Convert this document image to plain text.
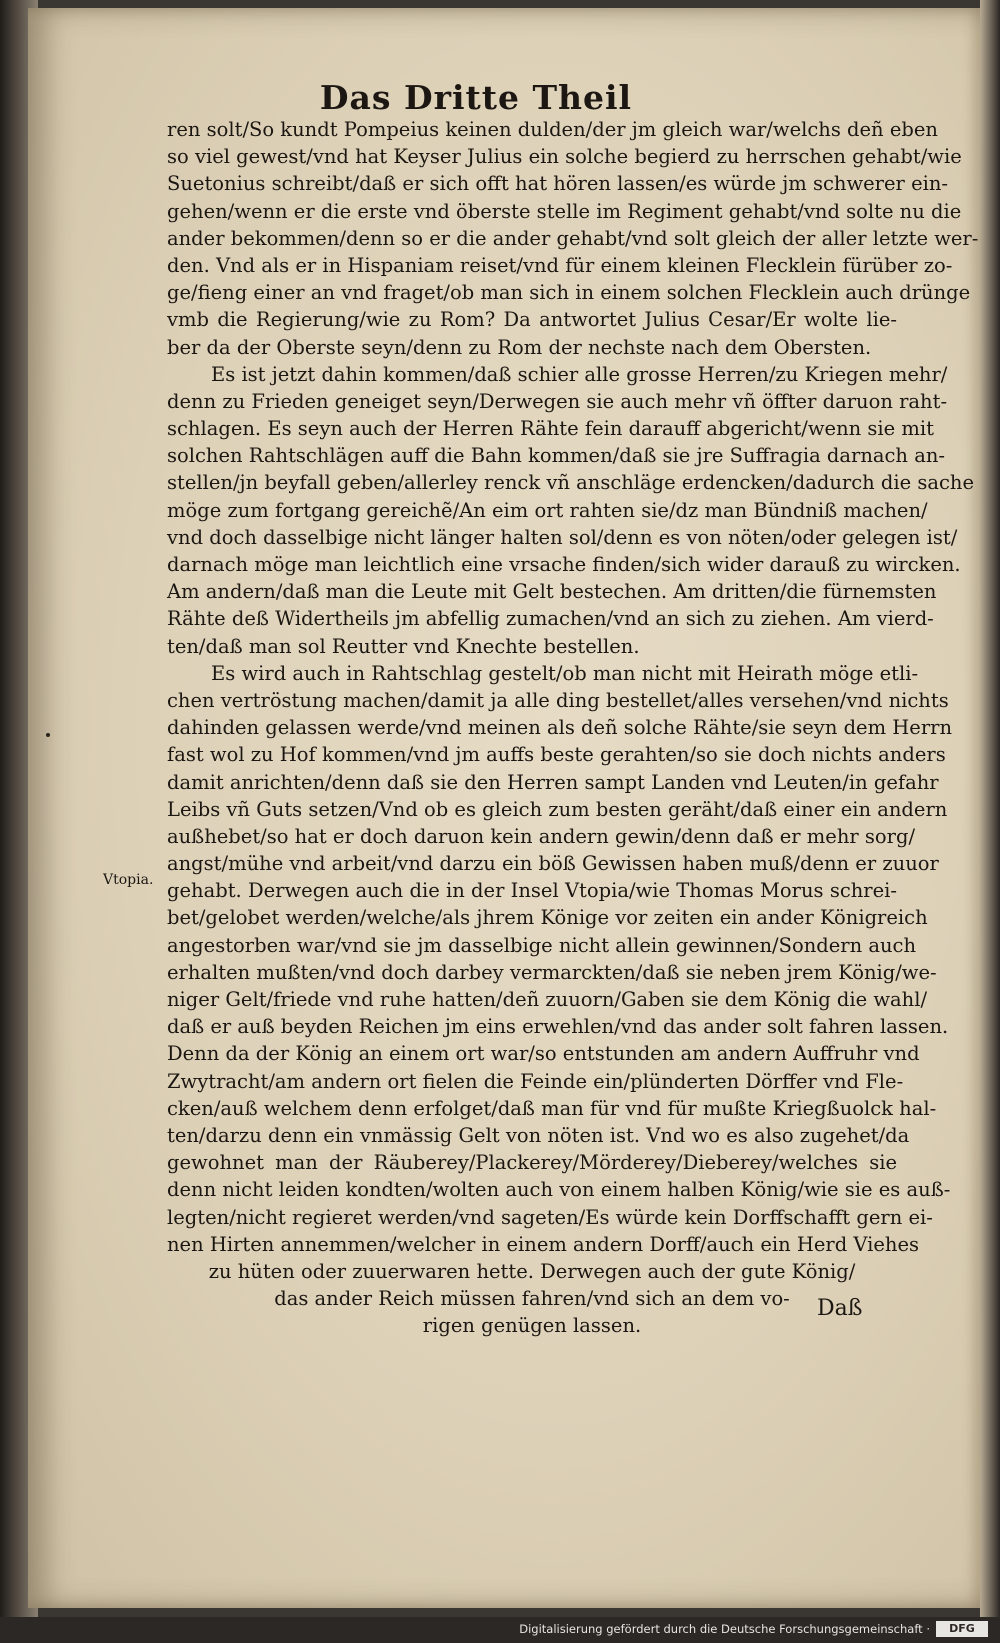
Das Dritte Theil
Vtopia.
ren solt/So kundt Pompeius keinen dulden/der jm gleich war/welchs deñ eben
so viel gewest/vnd hat Keyser Julius ein solche begierd zu herrschen gehabt/wie
Suetonius schreibt/daß er sich offt hat hören lassen/es würde jm schwerer ein-
gehen/wenn er die erste vnd öberste stelle im Regiment gehabt/vnd solte nu die
ander bekommen/denn so er die ander gehabt/vnd solt gleich der aller letzte wer-
den. Vnd als er in Hispaniam reiset/vnd für einem kleinen Flecklein fürüber zo-
ge/fieng einer an vnd fraget/ob man sich in einem solchen Flecklein auch drünge
vmb die Regierung/wie zu Rom? Da antwortet Julius Cesar/Er wolte lie-
ber da der Oberste seyn/denn zu Rom der nechste nach dem Obersten.
Es ist jetzt dahin kommen/daß schier alle grosse Herren/zu Kriegen mehr/
denn zu Frieden geneiget seyn/Derwegen sie auch mehr vñ öffter daruon raht-
schlagen. Es seyn auch der Herren Rähte fein darauff abgericht/wenn sie mit
solchen Rahtschlägen auff die Bahn kommen/daß sie jre Suffragia darnach an-
stellen/jn beyfall geben/allerley renck vñ anschläge erdencken/dadurch die sache
möge zum fortgang gereichẽ/An eim ort rahten sie/dz man Bündniß machen/
vnd doch dasselbige nicht länger halten sol/denn es von nöten/oder gelegen ist/
darnach möge man leichtlich eine vrsache finden/sich wider darauß zu wircken.
Am andern/daß man die Leute mit Gelt bestechen. Am dritten/die fürnemsten
Rähte deß Widertheils jm abfellig zumachen/vnd an sich zu ziehen. Am vierd-
ten/daß man sol Reutter vnd Knechte bestellen.
Es wird auch in Rahtschlag gestelt/ob man nicht mit Heirath möge etli-
chen vertröstung machen/damit ja alle ding bestellet/alles versehen/vnd nichts
dahinden gelassen werde/vnd meinen als deñ solche Rähte/sie seyn dem Herrn
fast wol zu Hof kommen/vnd jm auffs beste gerahten/so sie doch nichts anders
damit anrichten/denn daß sie den Herren sampt Landen vnd Leuten/in gefahr
Leibs vñ Guts setzen/Vnd ob es gleich zum besten geräht/daß einer ein andern
außhebet/so hat er doch daruon kein andern gewin/denn daß er mehr sorg/
angst/mühe vnd arbeit/vnd darzu ein böß Gewissen haben muß/denn er zuuor
gehabt. Derwegen auch die in der Insel Vtopia/wie Thomas Morus schrei-
bet/gelobet werden/welche/als jhrem Könige vor zeiten ein ander Königreich
angestorben war/vnd sie jm dasselbige nicht allein gewinnen/Sondern auch
erhalten mußten/vnd doch darbey vermarckten/daß sie neben jrem König/we-
niger Gelt/friede vnd ruhe hatten/deñ zuuorn/Gaben sie dem König die wahl/
daß er auß beyden Reichen jm eins erwehlen/vnd das ander solt fahren lassen.
Denn da der König an einem ort war/so entstunden am andern Auffruhr vnd
Zwytracht/am andern ort fielen die Feinde ein/plünderten Dörffer vnd Fle-
cken/auß welchem denn erfolget/daß man für vnd für mußte Kriegßuolck hal-
ten/darzu denn ein vnmässig Gelt von nöten ist. Vnd wo es also zugehet/da
gewohnet man der Räuberey/Plackerey/Mörderey/Dieberey/welches sie
denn nicht leiden kondten/wolten auch von einem halben König/wie sie es auß-
legten/nicht regieret werden/vnd sageten/Es würde kein Dorffschafft gern ei-
nen Hirten annemmen/welcher in einem andern Dorff/auch ein Herd Viehes
zu hüten oder zuuerwaren hette. Derwegen auch der gute König/
das ander Reich müssen fahren/vnd sich an dem vo-
rigen genügen lassen.
Daß
Digitalisierung gefördert durch die Deutsche Forschungsgemeinschaft ·	DFG
